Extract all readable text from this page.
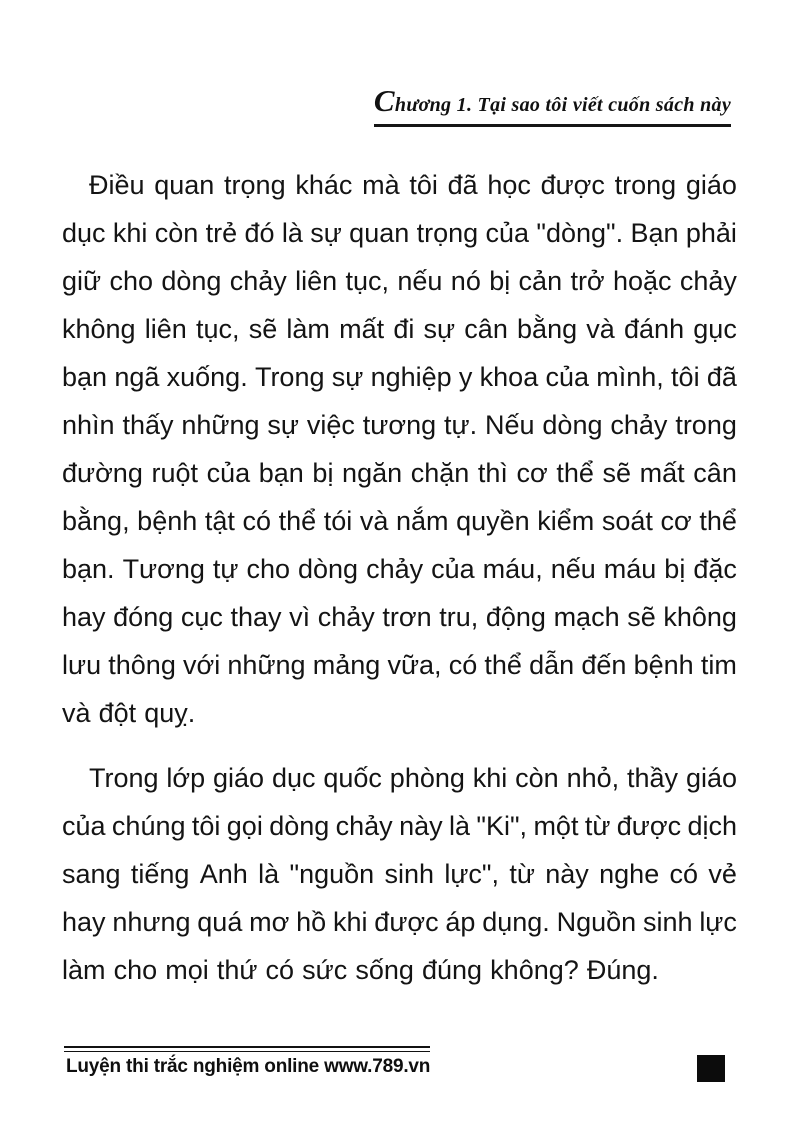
Chương 1. Tại sao tôi viết cuốn sách này
Điều quan trọng khác mà tôi đã học được trong giáo
dục khi còn trẻ đó là sự quan trọng của "dòng". Bạn phải
giữ cho dòng chảy liên tục, nếu nó bị cản trở hoặc chảy
không liên tục, sẽ làm mất đi sự cân bằng và đánh gục
bạn ngã xuống. Trong sự nghiệp y khoa của mình, tôi đã
nhìn thấy những sự việc tương tự. Nếu dòng chảy trong
đường ruột của bạn bị ngăn chặn thì cơ thể sẽ mất cân
bằng, bệnh tật có thể tói và nắm quyền kiểm soát cơ thể
bạn. Tương tự cho dòng chảy của máu, nếu máu bị đặc
hay đóng cục thay vì chảy trơn tru, động mạch sẽ không
lưu thông với những mảng vữa, có thể dẫn đến bệnh tim
và đột quỵ.
Trong lớp giáo dục quốc phòng khi còn nhỏ, thầy giáo
của chúng tôi gọi dòng chảy này là "Ki", một từ được dịch
sang tiếng Anh là "nguồn sinh lực", từ này nghe có vẻ
hay nhưng quá mơ hồ khi được áp dụng. Nguồn sinh lực
làm cho mọi thứ có sức sống đúng không? Đúng.
Luyện thi trắc nghiệm online www.789.vn
